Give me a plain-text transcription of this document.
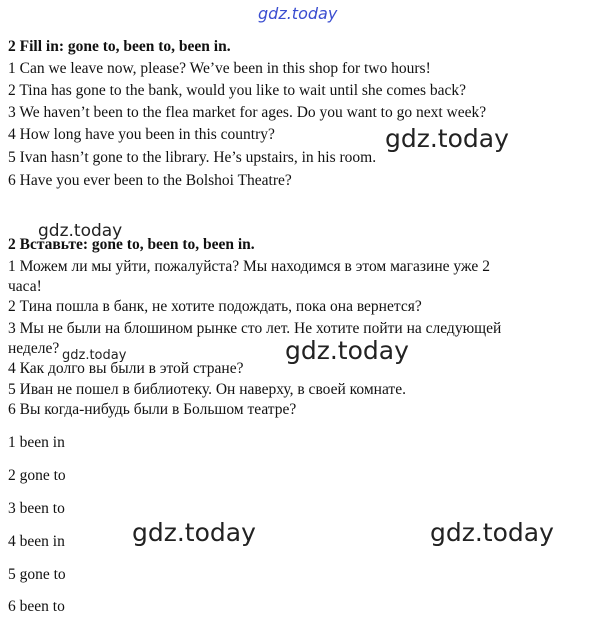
gdz.today
gdz.today
gdz.today
gdz.today
gdz.today
gdz.today	gdz.today
2 Fill in: gone to, been to, been in.
1 Can we leave now, please? We’ve been in this shop for two hours!
2 Tina has gone to the bank, would you like to wait until she comes back?
3 We haven’t been to the flea market for ages. Do you want to go next week?
4 How long have you been in this country?
5 Ivan hasn’t gone to the library. He’s upstairs, in his room.
6 Have you ever been to the Bolshoi Theatre?
2 Вставьте: gone to, been to, been in.
1 Можем ли мы уйти, пожалуйста? Мы находимся в этом магазине уже 2
часа!
2 Тина пошла в банк, не хотите подождать, пока она вернется?
3 Мы не были на блошином рынке сто лет. Не хотите пойти на следующей
неделе?
4 Как долго вы были в этой стране?
5 Иван не пошел в библиотеку. Он наверху, в своей комнате.
6 Вы когда-нибудь были в Большом театре?
1 been in
2 gone to
3 been to
4 been in
5 gone to
6 been to
